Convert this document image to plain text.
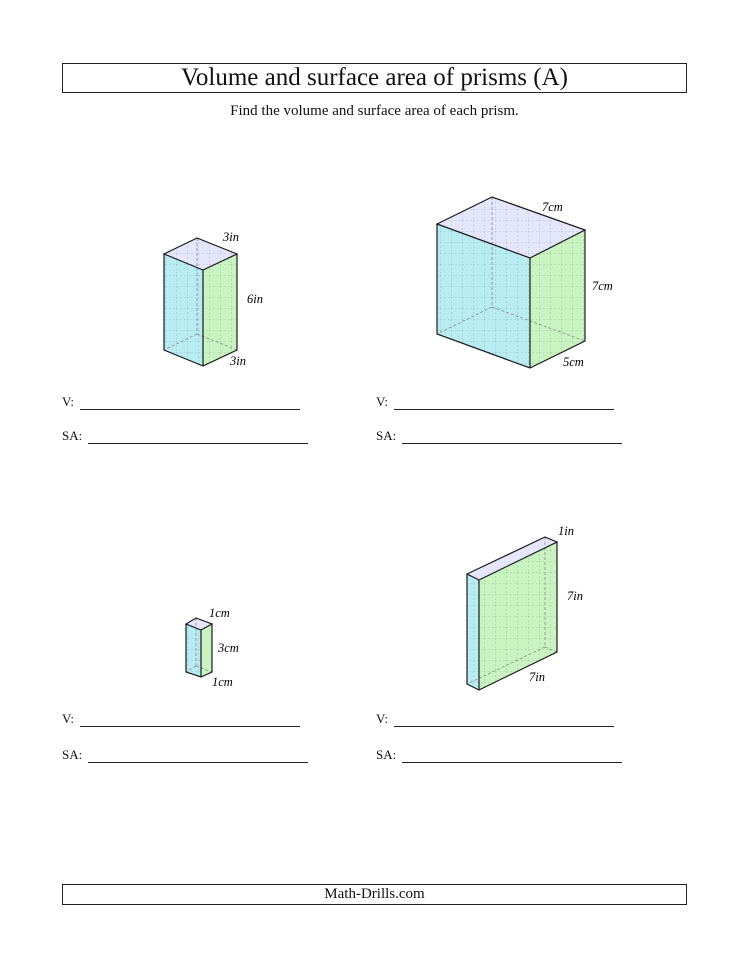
Volume and surface area of prisms (A)
Find the volume and surface area of each prism.
3in
6in
3in
7cm
7cm
5cm
1cm
3cm
1cm
1in
7in
7in
V:
SA:
V:
SA:
V:
SA:
V:
SA:
Math-Drills.com
